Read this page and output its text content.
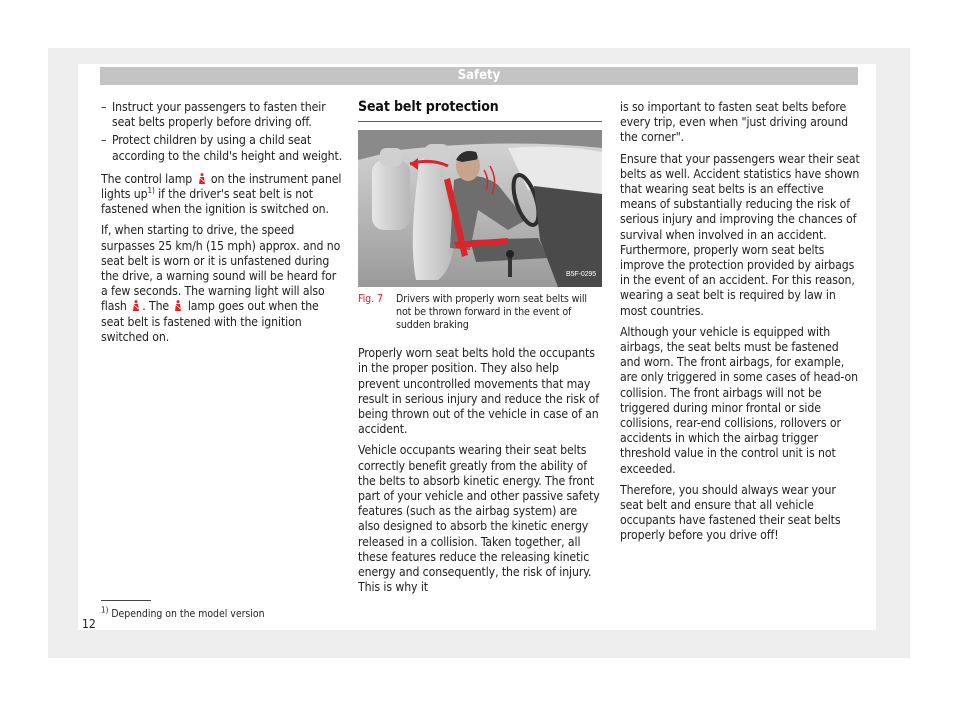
Safety
– Instruct your passengers to fasten their seat belts properly before driving off.
– Protect children by using a child seat according to the child's height and weight.

The control lamp on the instrument panel lights $up^{1)}$ if the driver's seat belt is not fastened when the ignition is switched on.

If, when starting to drive, the speed surpasses 25 km/h (15 mph) approx. and no seat belt is worn or it is unfastened during the drive, a warning sound will be heard for a few seconds. The warning light will also flash . The lamp goes out when the seat belt is fastened with the ignition switched on.

Seat belt protection
B5F-0295
Fig. 7 Drivers with properly worn seat belts will not be thrown forward in the event of sudden braking

Properly worn seat belts hold the occupants in the proper position. They also help prevent uncontrolled movements that may result in serious injury and reduce the risk of being thrown out of the vehicle in case of an accident.

Vehicle occupants wearing their seat belts correctly benefit greatly from the ability of the belts to absorb kinetic energy. The front part of your vehicle and other passive safety features (such as the airbag system) are also designed to absorb the kinetic energy released in a collision. Taken together, all these features reduce the releasing kinetic energy and consequently, the risk of injury. This is why it

is so important to fasten seat belts before every trip, even when "just driving around the corner".

Ensure that your passengers wear their seat belts as well. Accident statistics have shown that wearing seat belts is an effective means of substantially reducing the risk of serious injury and improving the chances of survival when involved in an accident. Furthermore, properly worn seat belts improve the protection provided by airbags in the event of an accident. For this reason, wearing a seat belt is required by law in most countries.

Although your vehicle is equipped with airbags, the seat belts must be fastened and worn. The front airbags, for example, are only triggered in some cases of head-on collision. The front airbags will not be triggered during minor frontal or side collisions, rear-end collisions, rollovers or accidents in which the airbag trigger threshold value in the control unit is not exceeded.

Therefore, you should always wear your seat belt and ensure that all vehicle occupants have fastened their seat belts properly before you drive off!

$^{1)}$ Depending on the model version
12
